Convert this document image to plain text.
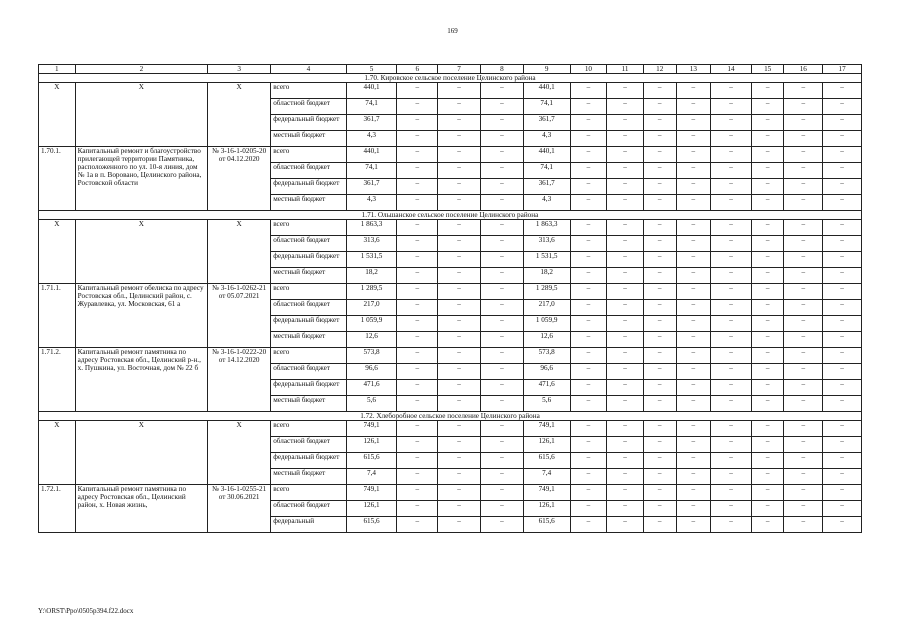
169
1	2	3	4	5	6	7	8	9	10	11	12	13	14	15	16	17
1.70. Кировское сельское поселение Целинского района																
X	X	X	всего	440,1	–	–	–	440,1	–	–	–	–	–	–	–	–
			областной бюджет	74,1	–	–	–	74,1	–	–	–	–	–	–	–	–
			федеральный бюджет	361,7	–	–	–	361,7	–	–	–	–	–	–	–	–
			местный бюджет	4,3	–	–	–	4,3	–	–	–	–	–	–	–	–
1.70.1.	Капитальный ремонт и благоустройство прилегающей территории Памятника, расположенного по ул. 10-я линия, дом № 1а в п. Воровано, Целинского района, Ростовской области	№ 3-16-1-0205-20 от 04.12.2020	всего	440,1	–	–	–	440,1	–	–	–	–	–	–	–	–
			областной бюджет	74,1	–	–	–	74,1	–	–	–	–	–	–	–	–
			федеральный бюджет	361,7	–	–	–	361,7	–	–	–	–	–	–	–	–
			местный бюджет	4,3	–	–	–	4,3	–	–	–	–	–	–	–	–
1.71. Ольшанское сельское поселение Целинского района																
X	X	X	всего	1 863,3	–	–	–	1 863,3	–	–	–	–	–	–	–	–
			областной бюджет	313,6	–	–	–	313,6	–	–	–	–	–	–	–	–
			федеральный бюджет	1 531,5	–	–	–	1 531,5	–	–	–	–	–	–	–	–
			местный бюджет	18,2	–	–	–	18,2	–	–	–	–	–	–	–	–
1.71.1.	Капитальный ремонт обелиска по адресу Ростовская обл., Целинский район, с. Журавлевка, ул. Московская, 61 а	№ 3-16-1-0262-21 от 05.07.2021	всего	1 289,5	–	–	–	1 289,5	–	–	–	–	–	–	–	–
			областной бюджет	217,0	–	–	–	217,0	–	–	–	–	–	–	–	–
			федеральный бюджет	1 059,9	–	–	–	1 059,9	–	–	–	–	–	–	–	–
			местный бюджет	12,6	–	–	–	12,6	–	–	–	–	–	–	–	–
1.71.2.	Капитальный ремонт памятника по адресу Ростовская обл., Целинский р-н., х. Пушкина, ул. Восточная, дом № 22 б	№ 3-16-1-0222-20 от 14.12.2020	всего	573,8	–	–	–	573,8	–	–	–	–	–	–	–	–
			областной бюджет	96,6	–	–	–	96,6	–	–	–	–	–	–	–	–
			федеральный бюджет	471,6	–	–	–	471,6	–	–	–	–	–	–	–	–
			местный бюджет	5,6	–	–	–	5,6	–	–	–	–	–	–	–	–
1.72. Хлеборобное сельское поселение Целинского района																
X	X	X	всего	749,1	–	–	–	749,1	–	–	–	–	–	–	–	–
			областной бюджет	126,1	–	–	–	126,1	–	–	–	–	–	–	–	–
			федеральный бюджет	615,6	–	–	–	615,6	–	–	–	–	–	–	–	–
			местный бюджет	7,4	–	–	–	7,4	–	–	–	–	–	–	–	–
1.72.1.	Капитальный ремонт памятника по адресу Ростовская обл., Целинский район, х. Новая жизнь,	№ 3-16-1-0255-21 от 30.06.2021	всего	749,1	–	–	–	749,1	–	–	–	–	–	–	–	–
			областной бюджет	126,1	–	–	–	126,1	–	–	–	–	–	–	–	–
			федеральный	615,6	–	–	–	615,6	–	–	–	–	–	–	–	–
Y:\ORST\Ppo\0505p394.f22.docx
